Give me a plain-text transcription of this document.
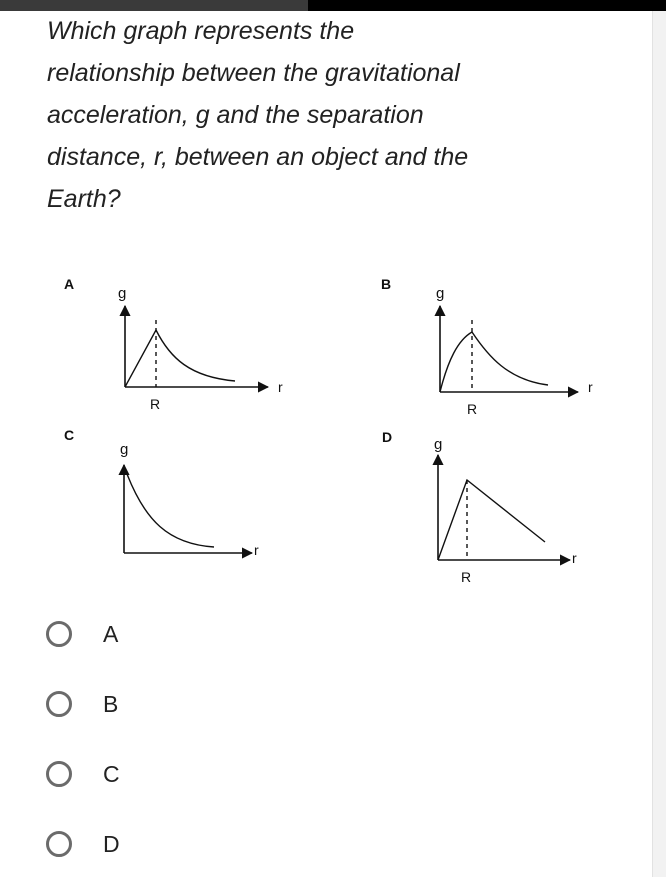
Which graph represents the
relationship between the gravitational
acceleration, g and the separation
distance, r, between an object and the
Earth?
A
g
r
R
B
g
r
R
C
g
r
D	g
r
R
A
B
C
D
